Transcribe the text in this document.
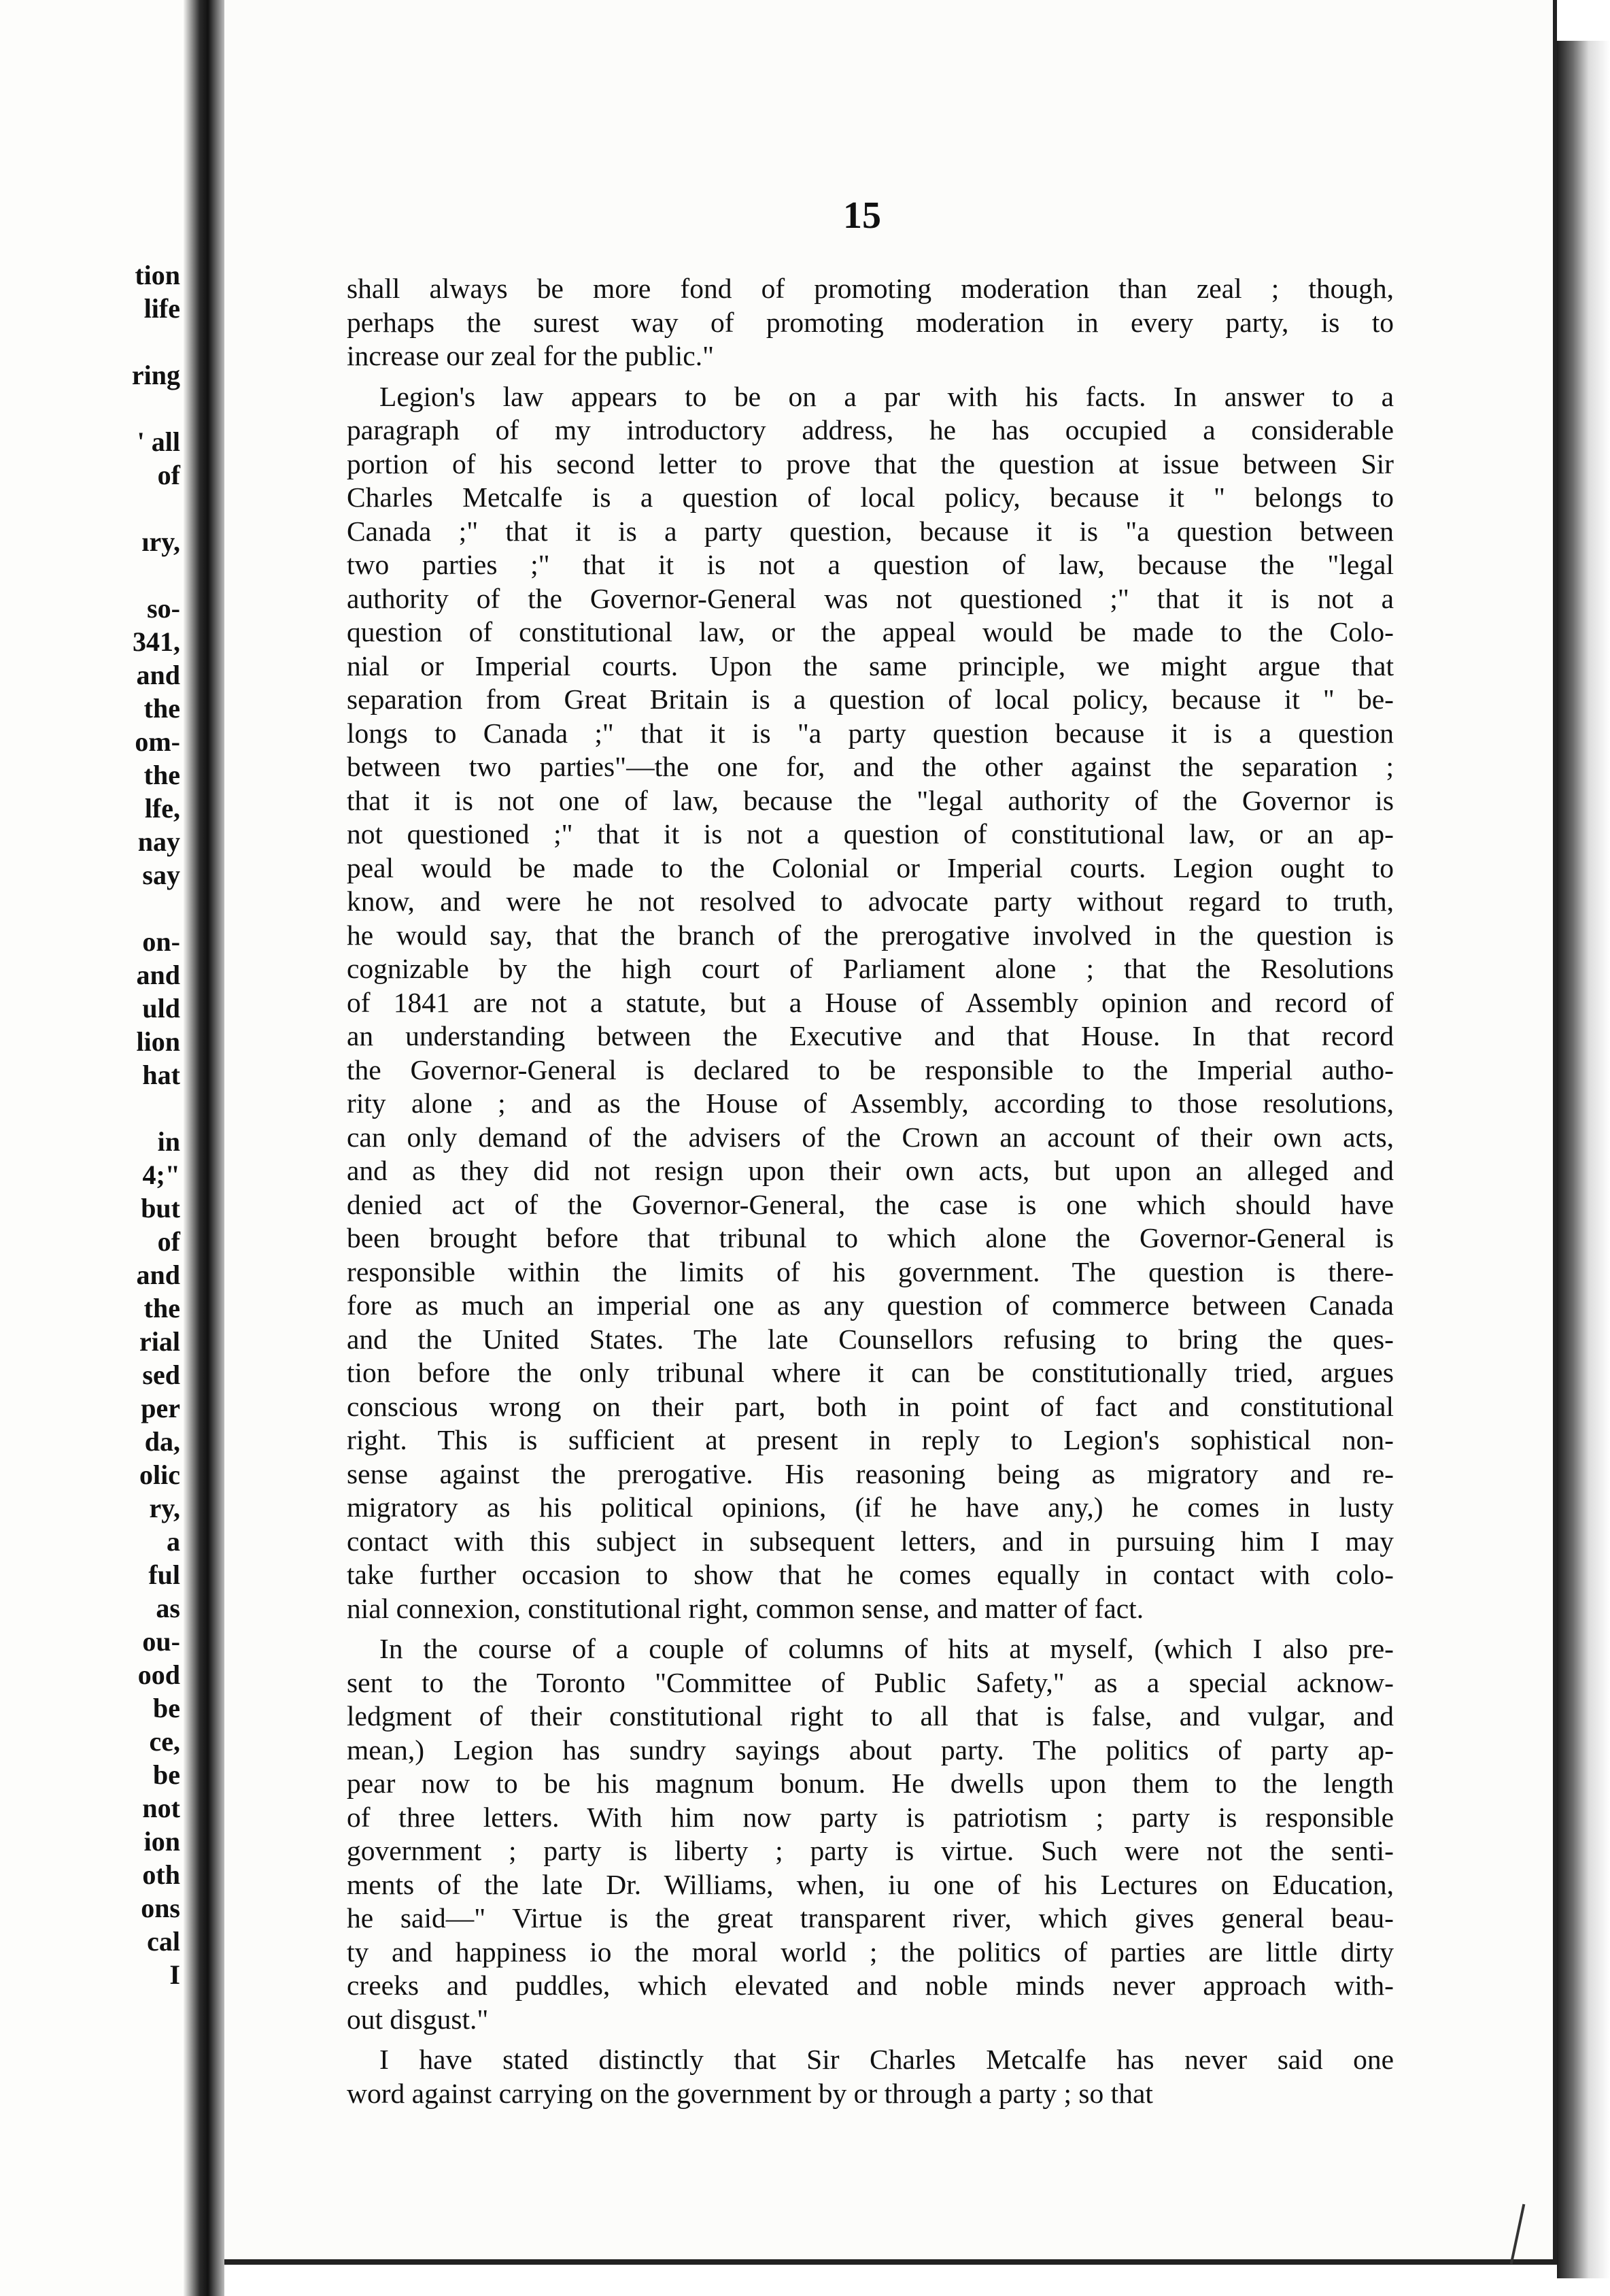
tion
life
ring
' all
of
ıry,
so-
341,
and
the
om-
the
lfe,
nay
say
on-
and
uld
lion
hat
in
4;"
but
of
and
the
rial
sed
per
da,
olic
ry,
a
ful
as
ou-
ood
be
ce,
be
not
ion
oth
ons
cal
I
15
shall always be more fond of promoting moderation than zeal ; though,
perhaps the surest way of promoting moderation in every party, is to
increase our zeal for the public."
Legion's law appears to be on a par with his facts. In answer to a
paragraph of my introductory address, he has occupied a considerable
portion of his second letter to prove that the question at issue between Sir
Charles Metcalfe is a question of local policy, because it " belongs to
Canada ;" that it is a party question, because it is "a question between
two parties ;" that it is not a question of law, because the "legal
authority of the Governor-General was not questioned ;" that it is not a
question of constitutional law, or the appeal would be made to the Colo-
nial or Imperial courts. Upon the same principle, we might argue that
separation from Great Britain is a question of local policy, because it " be-
longs to Canada ;" that it is "a party question because it is a question
between two parties"—the one for, and the other against the separation ;
that it is not one of law, because the "legal authority of the Governor is
not questioned ;" that it is not a question of constitutional law, or an ap-
peal would be made to the Colonial or Imperial courts. Legion ought to
know, and were he not resolved to advocate party without regard to truth,
he would say, that the branch of the prerogative involved in the question is
cognizable by the high court of Parliament alone ; that the Resolutions
of 1841 are not a statute, but a House of Assembly opinion and record of
an understanding between the Executive and that House. In that record
the Governor-General is declared to be responsible to the Imperial autho-
rity alone ; and as the House of Assembly, according to those resolutions,
can only demand of the advisers of the Crown an account of their own acts,
and as they did not resign upon their own acts, but upon an alleged and
denied act of the Governor-General, the case is one which should have
been brought before that tribunal to which alone the Governor-General is
responsible within the limits of his government. The question is there-
fore as much an imperial one as any question of commerce between Canada
and the United States. The late Counsellors refusing to bring the ques-
tion before the only tribunal where it can be constitutionally tried, argues
conscious wrong on their part, both in point of fact and constitutional
right. This is sufficient at present in reply to Legion's sophistical non-
sense against the prerogative. His reasoning being as migratory and re-
migratory as his political opinions, (if he have any,) he comes in lusty
contact with this subject in subsequent letters, and in pursuing him I may
take further occasion to show that he comes equally in contact with colo-
nial connexion, constitutional right, common sense, and matter of fact.
In the course of a couple of columns of hits at myself, (which I also pre-
sent to the Toronto "Committee of Public Safety," as a special acknow-
ledgment of their constitutional right to all that is false, and vulgar, and
mean,) Legion has sundry sayings about party. The politics of party ap-
pear now to be his magnum bonum. He dwells upon them to the length
of three letters. With him now party is patriotism ; party is responsible
government ; party is liberty ; party is virtue. Such were not the senti-
ments of the late Dr. Williams, when, iu one of his Lectures on Education,
he said—" Virtue is the great transparent river, which gives general beau-
ty and happiness io the moral world ; the politics of parties are little dirty
creeks and puddles, which elevated and noble minds never approach with-
out disgust."
I have stated distinctly that Sir Charles Metcalfe has never said one
word against carrying on the government by or through a party ; so that
